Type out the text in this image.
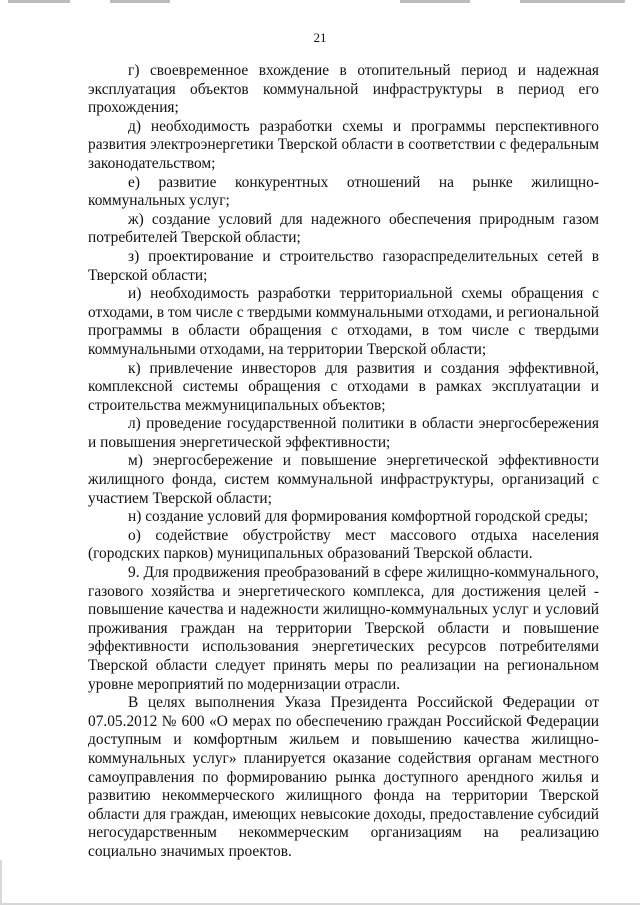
21

г) своевременное вхождение в отопительный период и надежная эксплуатация объектов коммунальной инфраструктуры в период его прохождения;

д) необходимость разработки схемы и программы перспективного развития электроэнергетики Тверской области в соответствии с федеральным законодательством;

е) развитие конкурентных отношений на рынке жилищно-коммунальных услуг;

ж) создание условий для надежного обеспечения природным газом потребителей Тверской области;

з) проектирование и строительство газораспределительных сетей в Тверской области;

и) необходимость разработки территориальной схемы обращения с отходами, в том числе с твердыми коммунальными отходами, и региональной программы в области обращения с отходами, в том числе с твердыми коммунальными отходами, на территории Тверской области;

к) привлечение инвесторов для развития и создания эффективной, комплексной системы обращения с отходами в рамках эксплуатации и строительства межмуниципальных объектов;

л) проведение государственной политики в области энергосбережения и повышения энергетической эффективности;

м) энергосбережение и повышение энергетической эффективности жилищного фонда, систем коммунальной инфраструктуры, организаций с участием Тверской области;

н) создание условий для формирования комфортной городской среды;

о) содействие обустройству мест массового отдыха населения (городских парков) муниципальных образований Тверской области.

9. Для продвижения преобразований в сфере жилищно-коммунального, газового хозяйства и энергетического комплекса, для достижения целей - повышение качества и надежности жилищно-коммунальных услуг и условий проживания граждан на территории Тверской области и повышение эффективности использования энергетических ресурсов потребителями Тверской области следует принять меры по реализации на региональном уровне мероприятий по модернизации отрасли.

В целях выполнения Указа Президента Российской Федерации от 07.05.2012 № 600 «О мерах по обеспечению граждан Российской Федерации доступным и комфортным жильем и повышению качества жилищно-коммунальных услуг» планируется оказание содействия органам местного самоуправления по формированию рынка доступного арендного жилья и развитию некоммерческого жилищного фонда на территории Тверской области для граждан, имеющих невысокие доходы, предоставление субсидий негосударственным некоммерческим организациям на реализацию социально значимых проектов.
